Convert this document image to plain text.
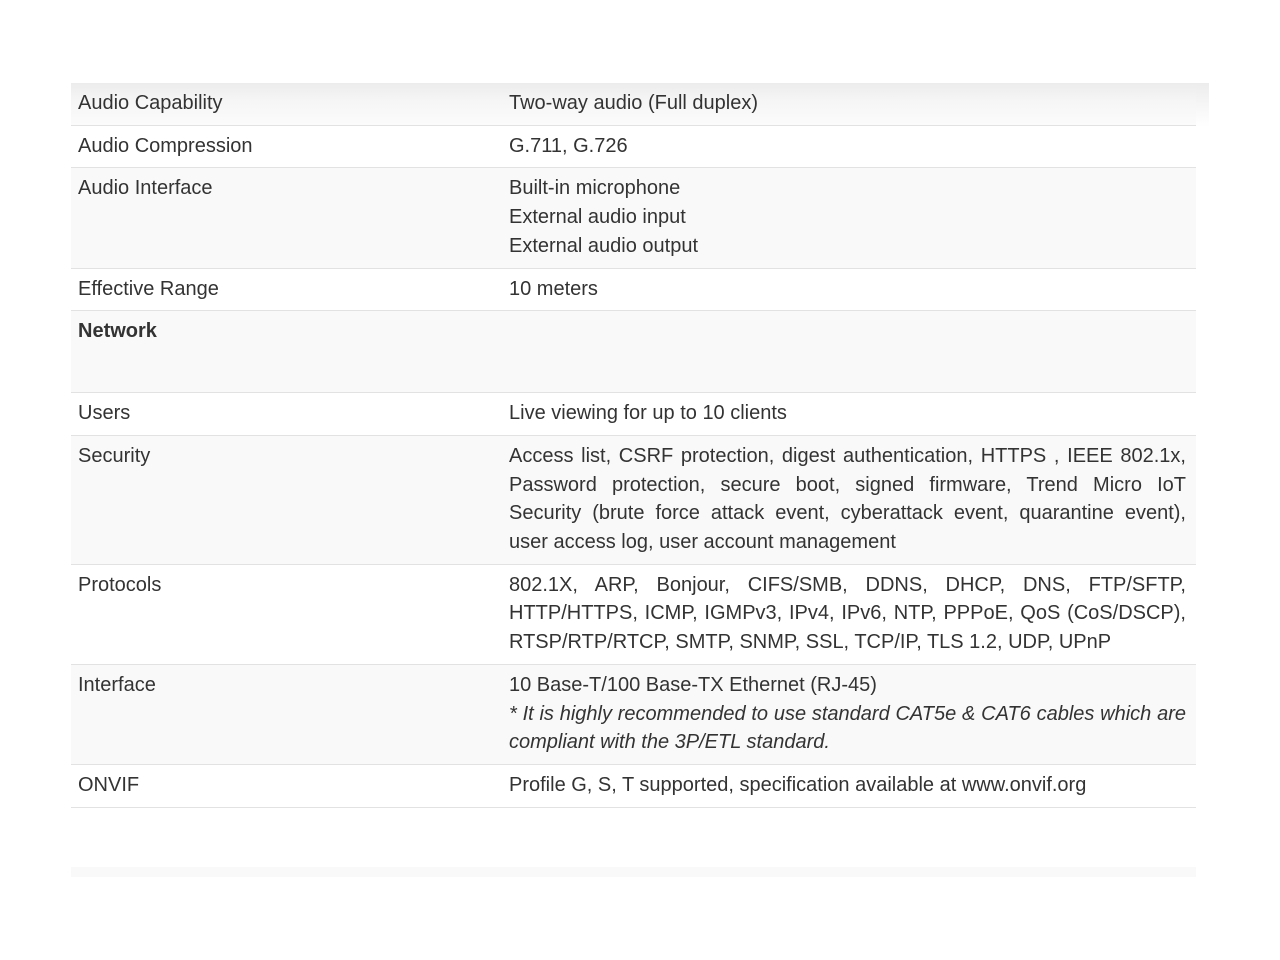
Audio Capability	Two-way audio (Full duplex)
Audio Compression	G.711, G.726
Audio Interface	Built-in microphone
External audio input
External audio output

Effective Range	10 meters
Network	
Users	Live viewing for up to 10 clients
Security	Access list, CSRF protection, digest authentication, HTTPS , IEEE 802.1x, Password protection, secure boot, signed firmware, Trend Micro IoT Security (brute force attack event, cyberattack event, quarantine event), user access log, user account management
Protocols	802.1X, ARP, Bonjour, CIFS/SMB, DDNS, DHCP, DNS, FTP/SFTP, HTTP/HTTPS, ICMP, IGMPv3, IPv4, IPv6, NTP, PPPoE, QoS (CoS/DSCP), RTSP/RTP/RTCP, SMTP, SNMP, SSL, TCP/IP, TLS 1.2, UDP, UPnP
Interface	10 Base-T/100 Base-TX Ethernet (RJ-45)
* It is highly recommended to use standard CAT5e & CAT6 cables which are compliant with the 3P/ETL standard.

ONVIF	Profile G, S, T supported, specification available at www.onvif.org
